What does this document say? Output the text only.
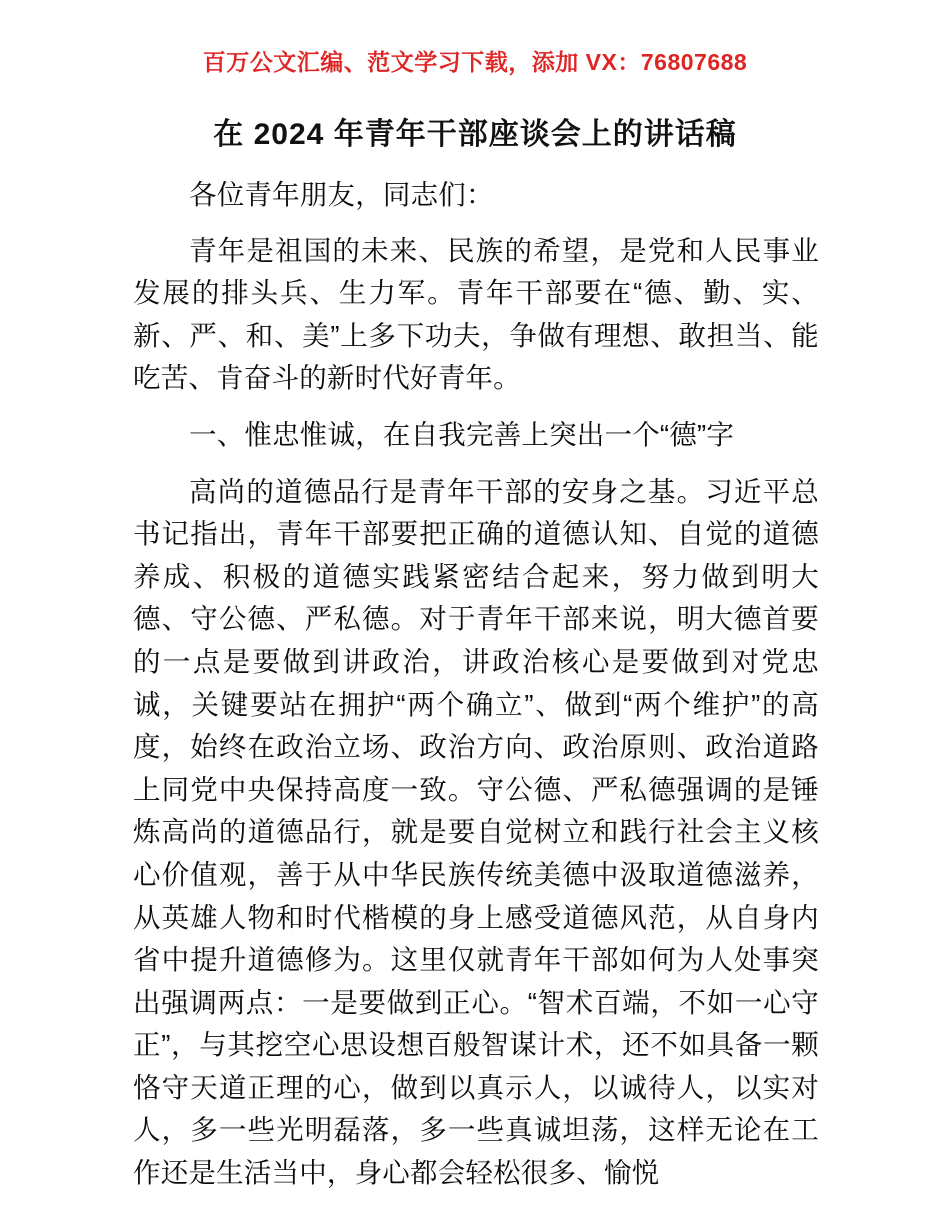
百万公文汇编、范文学习下载，添加 VX：76807688
在 2024 年青年干部座谈会上的讲话稿
各位青年朋友，同志们：
青年是祖国的未来、民族的希望，是党和人民事业发展的排头兵、生力军。青年干部要在“德、勤、实、新、严、和、美”上多下功夫，争做有理想、敢担当、能吃苦、肯奋斗的新时代好青年。
一、惟忠惟诚，在自我完善上突出一个“德”字
高尚的道德品行是青年干部的安身之基。习近平总书记指出，青年干部要把正确的道德认知、自觉的道德养成、积极的道德实践紧密结合起来，努力做到明大德、守公德、严私德。对于青年干部来说，明大德首要的一点是要做到讲政治，讲政治核心是要做到对党忠诚，关键要站在拥护“两个确立”、做到“两个维护”的高度，始终在政治立场、政治方向、政治原则、政治道路上同党中央保持高度一致。守公德、严私德强调的是锤炼高尚的道德品行，就是要自觉树立和践行社会主义核心价值观，善于从中华民族传统美德中汲取道德滋养，从英雄人物和时代楷模的身上感受道德风范，从自身内省中提升道德修为。这里仅就青年干部如何为人处事突出强调两点：一是要做到正心。“智术百端，不如一心守正”，与其挖空心思设想百般智谋计术，还不如具备一颗恪守天道正理的心，做到以真示人，以诚待人，以实对人，多一些光明磊落，多一些真诚坦荡，这样无论在工作还是生活当中，身心都会轻松很多、愉悦
